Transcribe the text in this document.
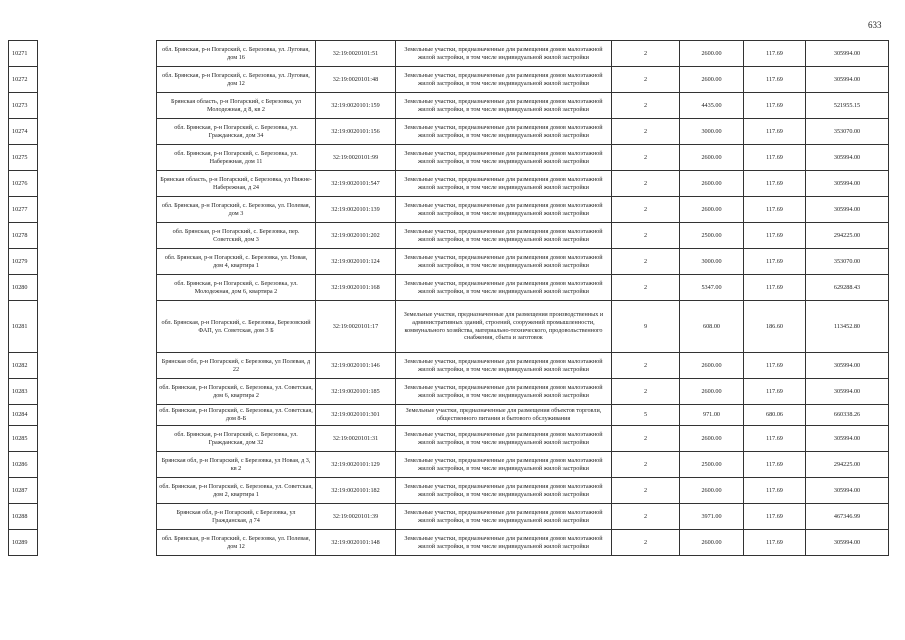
633
10271		обл. Брянская, р-н Погарский, с. Березовка, ул. Луговая, дом 16	32:19:0020101:51	Земельные участки, предназначенные для размещения домов малоэтажной жилой застройки, в том числе индивидуальной жилой застройки	2	2600.00	117.69	305994.00
10272		обл. Брянская, р-н Погарский, с. Березовка, ул. Луговая, дом 12	32:19:0020101:48	Земельные участки, предназначенные для размещения домов малоэтажной жилой застройки, в том числе индивидуальной жилой застройки	2	2600.00	117.69	305994.00
10273		Брянская область, р-н Погарский, с Березовка, ул Молодежная, д 8, кв 2	32:19:0020101:159	Земельные участки, предназначенные для размещения домов малоэтажной жилой застройки, в том числе индивидуальной жилой застройки	2	4435.00	117.69	521955.15
10274		обл. Брянская, р-н Погарский, с. Березовка, ул. Гражданская, дом 34	32:19:0020101:156	Земельные участки, предназначенные для размещения домов малоэтажной жилой застройки, в том числе индивидуальной жилой застройки	2	3000.00	117.69	353070.00
10275		обл. Брянская, р-н Погарский, с. Березовка, ул. Набережная, дом 11	32:19:0020101:99	Земельные участки, предназначенные для размещения домов малоэтажной жилой застройки, в том числе индивидуальной жилой застройки	2	2600.00	117.69	305994.00
10276		Брянская область, р-н Погарский, с Березовка, ул Нижне-Набережная, д 24	32:19:0020101:547	Земельные участки, предназначенные для размещения домов малоэтажной жилой застройки, в том числе индивидуальной жилой застройки	2	2600.00	117.69	305994.00
10277		обл. Брянская, р-н Погарский, с. Березовка, ул. Полевая, дом 3	32:19:0020101:139	Земельные участки, предназначенные для размещения домов малоэтажной жилой застройки, в том числе индивидуальной жилой застройки	2	2600.00	117.69	305994.00
10278		обл. Брянская, р-н Погарский, с. Березовка, пер. Советский, дом 3	32:19:0020101:202	Земельные участки, предназначенные для размещения домов малоэтажной жилой застройки, в том числе индивидуальной жилой застройки	2	2500.00	117.69	294225.00
10279		обл. Брянская, р-н Погарский, с. Березовка, ул. Новая, дом 4, квартира 1	32:19:0020101:124	Земельные участки, предназначенные для размещения домов малоэтажной жилой застройки, в том числе индивидуальной жилой застройки	2	3000.00	117.69	353070.00
10280		обл. Брянская, р-н Погарский, с. Березовка, ул. Молодежная, дом 6, квартира 2	32:19:0020101:168	Земельные участки, предназначенные для размещения домов малоэтажной жилой застройки, в том числе индивидуальной жилой застройки	2	5347.00	117.69	629288.43
10281		обл. Брянская, р-н Погарский, с. Березовка, Березовский ФАП, ул. Советская, дом 3 Б	32:19:0020101:17	Земельные участки, предназначенные для размещения производственных и административных зданий, строений, сооружений промышленности, коммунального хозяйства, материально-технического, продовольственного снабжения, сбыта и заготовок	9	608.00	186.60	113452.80
10282		Брянская обл, р-н Погарский, с Березовка, ул Полевая, д 22	32:19:0020101:146	Земельные участки, предназначенные для размещения домов малоэтажной жилой застройки, в том числе индивидуальной жилой застройки	2	2600.00	117.69	305994.00
10283		обл. Брянская, р-н Погарский, с. Березовка, ул. Советская, дом 6, квартира 2	32:19:0020101:185	Земельные участки, предназначенные для размещения домов малоэтажной жилой застройки, в том числе индивидуальной жилой застройки	2	2600.00	117.69	305994.00
10284		обл. Брянская, р-н Погарский, с. Березовка, ул. Советская, дом 8-Б	32:19:0020101:301	Земельные участки, предназначенные для размещения объектов торговли, общественного питания и бытового обслуживания	5	971.00	680.06	660338.26
10285		обл. Брянская, р-н Погарский, с. Березовка, ул. Гражданская, дом 32	32:19:0020101:31	Земельные участки, предназначенные для размещения домов малоэтажной жилой застройки, в том числе индивидуальной жилой застройки	2	2600.00	117.69	305994.00
10286		Брянская обл, р-н Погарский, с Березовка, ул Новая, д 3, кв 2	32:19:0020101:129	Земельные участки, предназначенные для размещения домов малоэтажной жилой застройки, в том числе индивидуальной жилой застройки	2	2500.00	117.69	294225.00
10287		обл. Брянская, р-н Погарский, с. Березовка, ул. Советская, дом 2, квартира 1	32:19:0020101:182	Земельные участки, предназначенные для размещения домов малоэтажной жилой застройки, в том числе индивидуальной жилой застройки	2	2600.00	117.69	305994.00
10288		Брянская обл, р-н Погарский, с Березовка, ул Гражданская, д 74	32:19:0020101:39	Земельные участки, предназначенные для размещения домов малоэтажной жилой застройки, в том числе индивидуальной жилой застройки	2	3971.00	117.69	467346.99
10289		обл. Брянская, р-н Погарский, с. Березовка, ул. Полевая, дом 12	32:19:0020101:148	Земельные участки, предназначенные для размещения домов малоэтажной жилой застройки, в том числе индивидуальной жилой застройки	2	2600.00	117.69	305994.00
